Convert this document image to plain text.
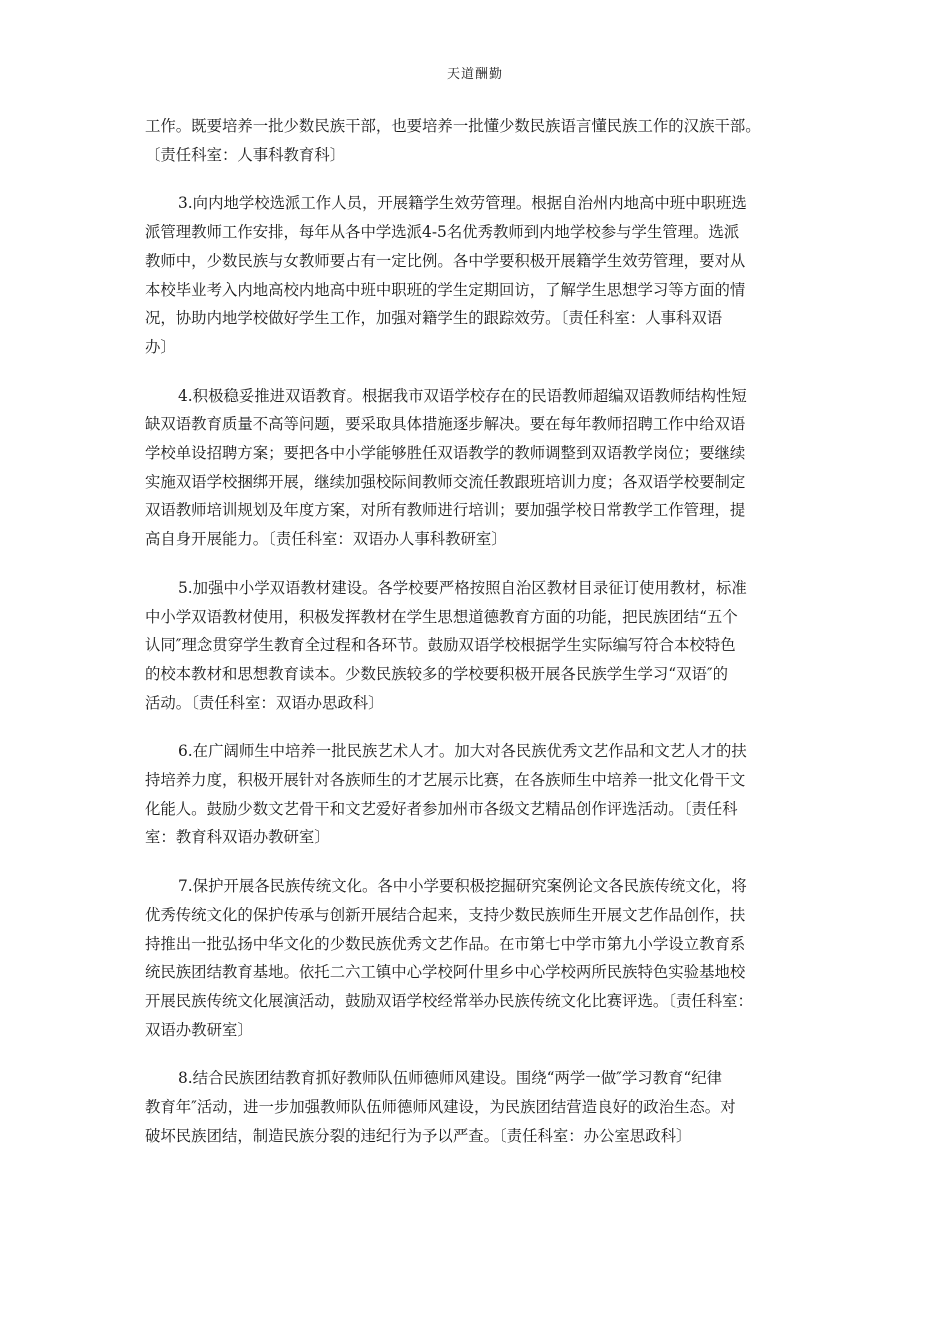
天道酬勤

工作。既要培养一批少数民族干部，也要培养一批懂少数民族语言懂民族工作的汉族干部。
〔责任科室：人事科教育科〕

3.向内地学校选派工作人员，开展籍学生效劳管理。根据自治州内地高中班中职班选
派管理教师工作安排，每年从各中学选派4-5名优秀教师到内地学校参与学生管理。选派
教师中，少数民族与女教师要占有一定比例。各中学要积极开展籍学生效劳管理，要对从
本校毕业考入内地高校内地高中班中职班的学生定期回访，了解学生思想学习等方面的情
况，协助内地学校做好学生工作，加强对籍学生的跟踪效劳。〔责任科室：人事科双语
办〕

4.积极稳妥推进双语教育。根据我市双语学校存在的民语教师超编双语教师结构性短
缺双语教育质量不高等问题，要采取具体措施逐步解决。要在每年教师招聘工作中给双语
学校单设招聘方案；要把各中小学能够胜任双语教学的教师调整到双语教学岗位；要继续
实施双语学校捆绑开展，继续加强校际间教师交流任教跟班培训力度；各双语学校要制定
双语教师培训规划及年度方案，对所有教师进行培训；要加强学校日常教学工作管理，提
高自身开展能力。〔责任科室：双语办人事科教研室〕

5.加强中小学双语教材建设。各学校要严格按照自治区教材目录征订使用教材，标准
中小学双语教材使用，积极发挥教材在学生思想道德教育方面的功能，把民族团结“五个
认同″理念贯穿学生教育全过程和各环节。鼓励双语学校根据学生实际编写符合本校特色
的校本教材和思想教育读本。少数民族较多的学校要积极开展各民族学生学习“双语″的
活动。〔责任科室：双语办思政科〕

6.在广阔师生中培养一批民族艺术人才。加大对各民族优秀文艺作品和文艺人才的扶
持培养力度，积极开展针对各族师生的才艺展示比赛，在各族师生中培养一批文化骨干文
化能人。鼓励少数文艺骨干和文艺爱好者参加州市各级文艺精品创作评选活动。〔责任科
室：教育科双语办教研室〕

7.保护开展各民族传统文化。各中小学要积极挖掘研究案例论文各民族传统文化，将
优秀传统文化的保护传承与创新开展结合起来，支持少数民族师生开展文艺作品创作，扶
持推出一批弘扬中华文化的少数民族优秀文艺作品。在市第七中学市第九小学设立教育系
统民族团结教育基地。依托二六工镇中心学校阿什里乡中心学校两所民族特色实验基地校
开展民族传统文化展演活动，鼓励双语学校经常举办民族传统文化比赛评选。〔责任科室：
双语办教研室〕

8.结合民族团结教育抓好教师队伍师德师风建设。围绕“两学一做″学习教育“纪律
教育年″活动，进一步加强教师队伍师德师风建设，为民族团结营造良好的政治生态。对
破坏民族团结，制造民族分裂的违纪行为予以严查。〔责任科室：办公室思政科〕
